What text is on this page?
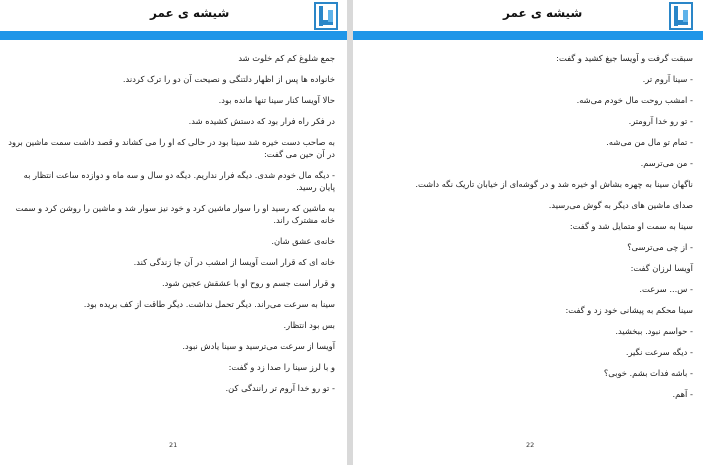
شیشه ی عمر

جمع شلوغ کم کم خلوت شد

خانواده ها پس از اظهار دلتنگی و نصیحت آن دو را ترک کردند.

حالا آویسا کنار سینا تنها مانده بود.

در فکر راه فرار بود که دستش کشیده شد.

به صاحب دست خیره شد سینا بود در حالی که او را می کشاند و قصد داشت سمت ماشین برود در آن حین می گفت:

- دیگه مال خودم شدی. دیگه فرار نداریم. دیگه دو سال و سه ماه و دوازده ساعت انتظار به پایان رسید.

به ماشین که رسید او را سوار ماشین کرد و خود نیز سوار شد و ماشین را روشن کرد و سمت خانه مشترک راند.

خانه‌ی عشق شان.

خانه ای که قرار است آویسا از امشب در آن جا زندگی کند.

و قرار است جسم و روح او با عشقش عجین شود.

سینا به سرعت می‌راند. دیگر تحمل نداشت. دیگر طاقت از کف بریده بود.

بس بود انتظار.

آویسا از سرعت می‌ترسید و سینا یادش نبود.

و با لرز سینا را صدا زد و گفت:

- تو رو خدا آروم تر رانندگی کن.

21
شیشه ی عمر

سبقت گرفت و آویسا جیغ کشید و گفت:

- سینا آروم تر.

- امشب روحت مال خودم می‌شه.

- تو رو خدا آرومتر.

- تمام تو مال من می‌شه.

- من می‌ترسم.

ناگهان سینا به چهره بشاش او خیره شد و در گوشه‌ای از خیابان تاریک نگه داشت.

صدای ماشین های دیگر به گوش می‌رسید.

سینا به سمت او متمایل شد و گفت:

- از چی می‌ترسی؟

آویسا لرزان گفت:

- س... سرعت.

سینا محکم به پیشانی خود زد و گفت:

- حواسم نبود. ببخشید.

- دیگه سرعت نگیر.

- باشه فدات بشم. خوبی؟

- آهم.

22
